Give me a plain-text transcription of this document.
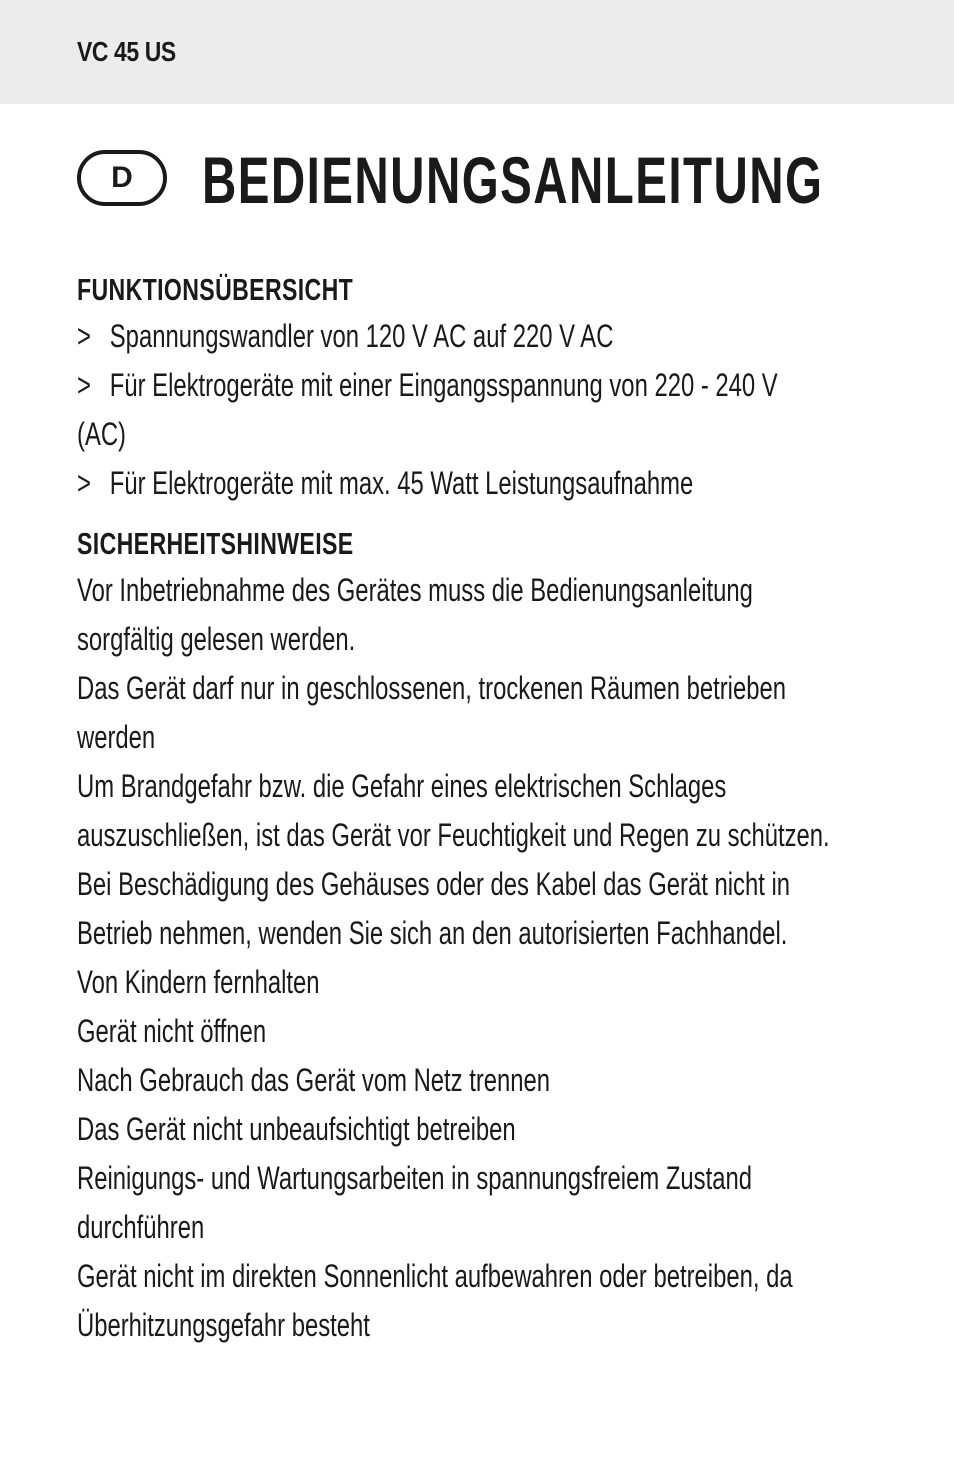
VC 45 US
D	BEDIENUNGSANLEITUNG
FUNKTIONSÜBERSICHT

> Spannungswandler von 120 V AC auf 220 V AC

> Für Elektrogeräte mit einer Eingangsspannung von 220 - 240 V

(AC)

> Für Elektrogeräte mit max. 45 Watt Leistungsaufnahme

SICHERHEITSHINWEISE

Vor Inbetriebnahme des Gerätes muss die Bedienungsanleitung

sorgfältig gelesen werden.

Das Gerät darf nur in geschlossenen, trockenen Räumen betrieben

werden

Um Brandgefahr bzw. die Gefahr eines elektrischen Schlages

auszuschließen, ist das Gerät vor Feuchtigkeit und Regen zu schützen.

Bei Beschädigung des Gehäuses oder des Kabel das Gerät nicht in

Betrieb nehmen, wenden Sie sich an den autorisierten Fachhandel.

Von Kindern fernhalten

Gerät nicht öffnen

Nach Gebrauch das Gerät vom Netz trennen

Das Gerät nicht unbeaufsichtigt betreiben

Reinigungs- und Wartungsarbeiten in spannungsfreiem Zustand

durchführen

Gerät nicht im direkten Sonnenlicht aufbewahren oder betreiben, da

Überhitzungsgefahr besteht
